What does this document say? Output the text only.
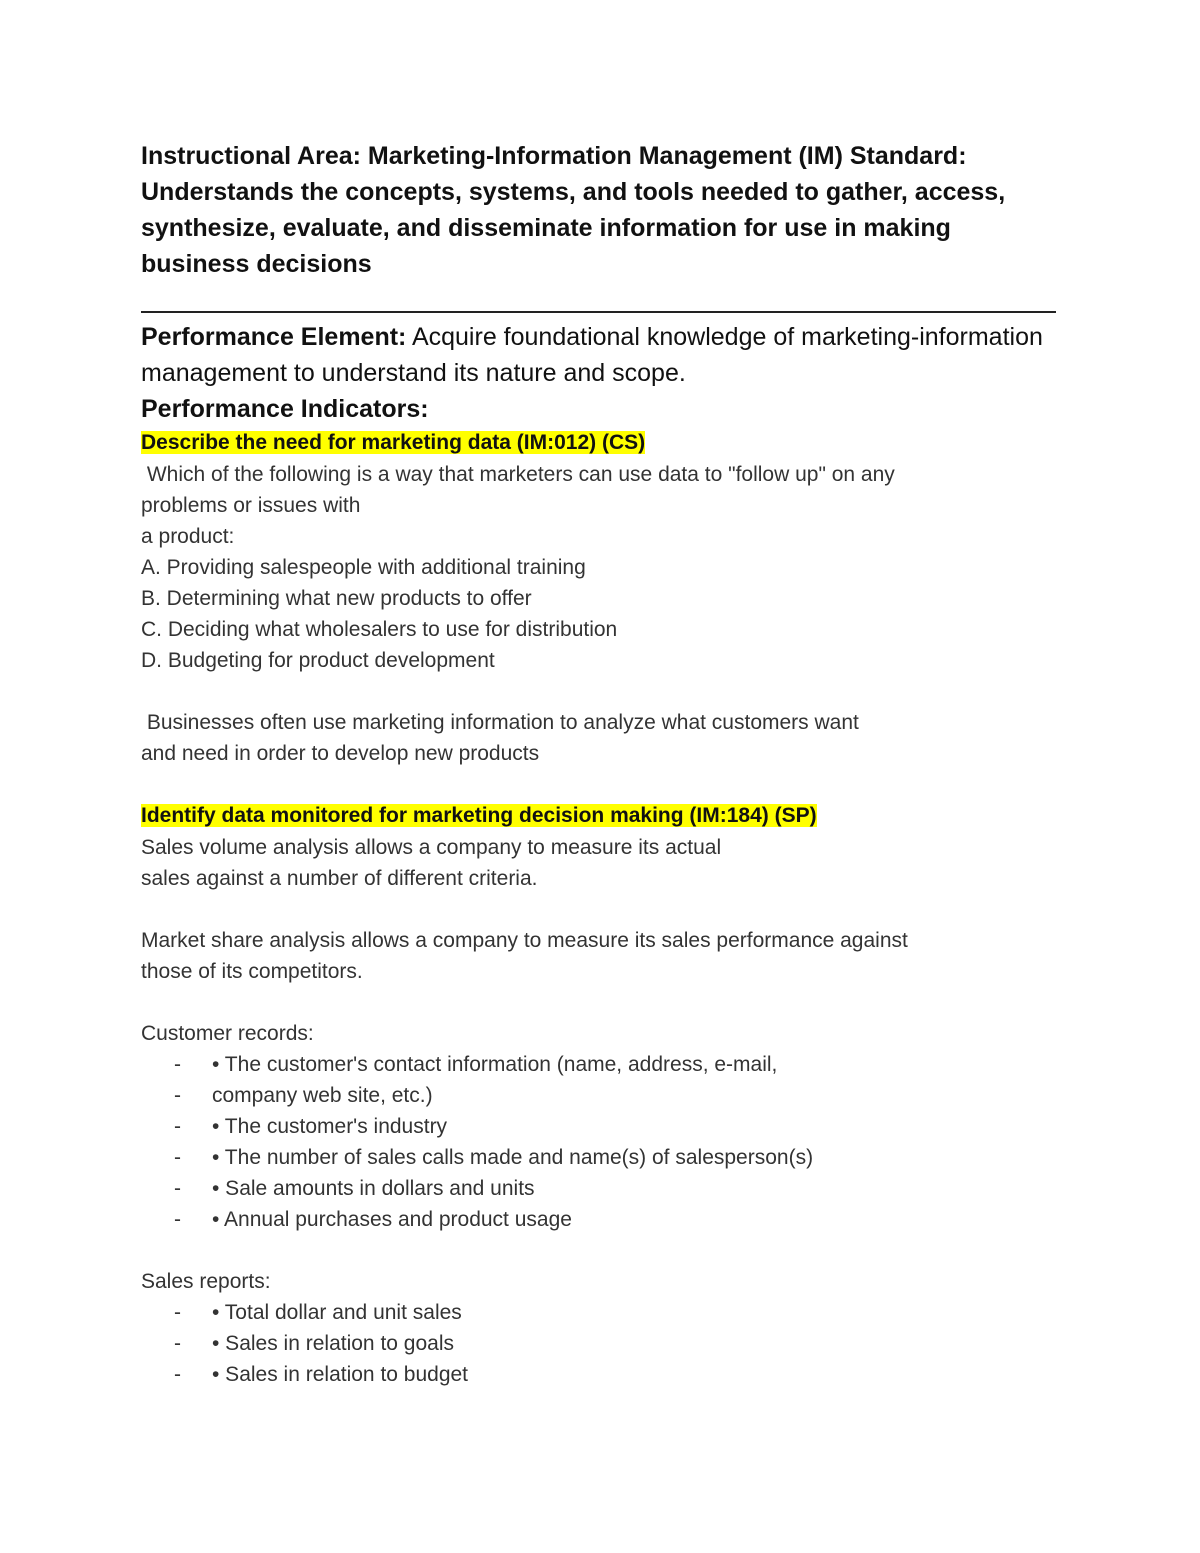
Instructional Area: Marketing-Information Management (IM) Standard: Understands the concepts, systems, and tools needed to gather, access, synthesize, evaluate, and disseminate information for use in making business decisions
Performance Element: Acquire foundational knowledge of marketing-information management to understand its nature and scope.
Performance Indicators:
Describe the need for marketing data (IM:012) (CS)
Which of the following is a way that marketers can use data to "follow up" on any
problems or issues with
a product:
A. Providing salespeople with additional training
B. Determining what new products to offer
C. Deciding what wholesalers to use for distribution
D. Budgeting for product development
Businesses often use marketing information to analyze what customers want
and need in order to develop new products
Identify data monitored for marketing decision making (IM:184) (SP)
Sales volume analysis allows a company to measure its actual
sales against a number of different criteria.
Market share analysis allows a company to measure its sales performance against
those of its competitors.
Customer records:
-	• The customer's contact information (name, address, e-mail,
-	company web site, etc.)
-	• The customer's industry
-	• The number of sales calls made and name(s) of salesperson(s)
-	• Sale amounts in dollars and units
-	• Annual purchases and product usage
Sales reports:
-	• Total dollar and unit sales
-	• Sales in relation to goals
-	• Sales in relation to budget
